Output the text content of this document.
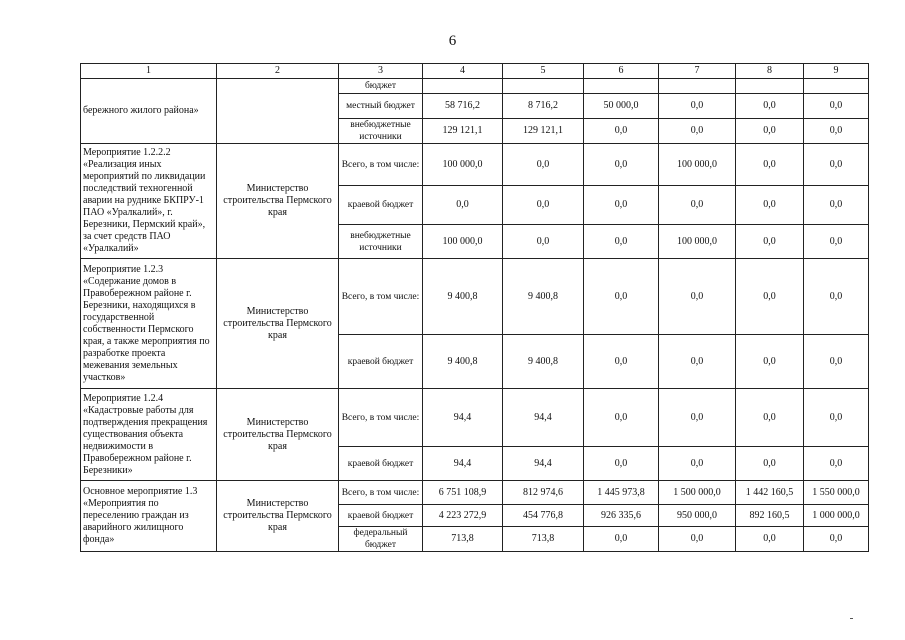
6
1	2	3	4	5	6	7	8	9
бережного жилого района»		бюджет						
		местный бюджет	58 716,2	8 716,2	50 000,0	0,0	0,0	0,0
		внебюджетные источники	129 121,1	129 121,1	0,0	0,0	0,0	0,0
Мероприятие 1.2.2.2 «Реализация иных мероприятий по ликвидации последствий техногенной аварии на руднике БКПРУ-1 ПАО «Уралкалий», г. Березники, Пермский край», за счет средств ПАО «Уралкалий»	Министерство строительства Пермского края	Всего, в том числе:	100 000,0	0,0	0,0	100 000,0	0,0	0,0
		краевой бюджет	0,0	0,0	0,0	0,0	0,0	0,0
		внебюджетные источники	100 000,0	0,0	0,0	100 000,0	0,0	0,0
Мероприятие 1.2.3 «Содержание домов в Правобережном районе г. Березники, находящихся в государственной собственности Пермского края, а также мероприятия по разработке проекта межевания земельных участков»	Министерство строительства Пермского края	Всего, в том числе:	9 400,8	9 400,8	0,0	0,0	0,0	0,0
		краевой бюджет	9 400,8	9 400,8	0,0	0,0	0,0	0,0
Мероприятие 1.2.4 «Кадастровые работы для подтверждения прекращения существования объекта недвижимости в Правобережном районе г. Березники»	Министерство строительства Пермского края	Всего, в том числе:	94,4	94,4	0,0	0,0	0,0	0,0
		краевой бюджет	94,4	94,4	0,0	0,0	0,0	0,0
Основное мероприятие 1.3 «Мероприятия по переселению граждан из аварийного жилищного фонда»	Министерство строительства Пермского края	Всего, в том числе:	6 751 108,9	812 974,6	1 445 973,8	1 500 000,0	1 442 160,5	1 550 000,0
		краевой бюджет	4 223 272,9	454 776,8	926 335,6	950 000,0	892 160,5	1 000 000,0
		федеральный бюджет	713,8	713,8	0,0	0,0	0,0	0,0
